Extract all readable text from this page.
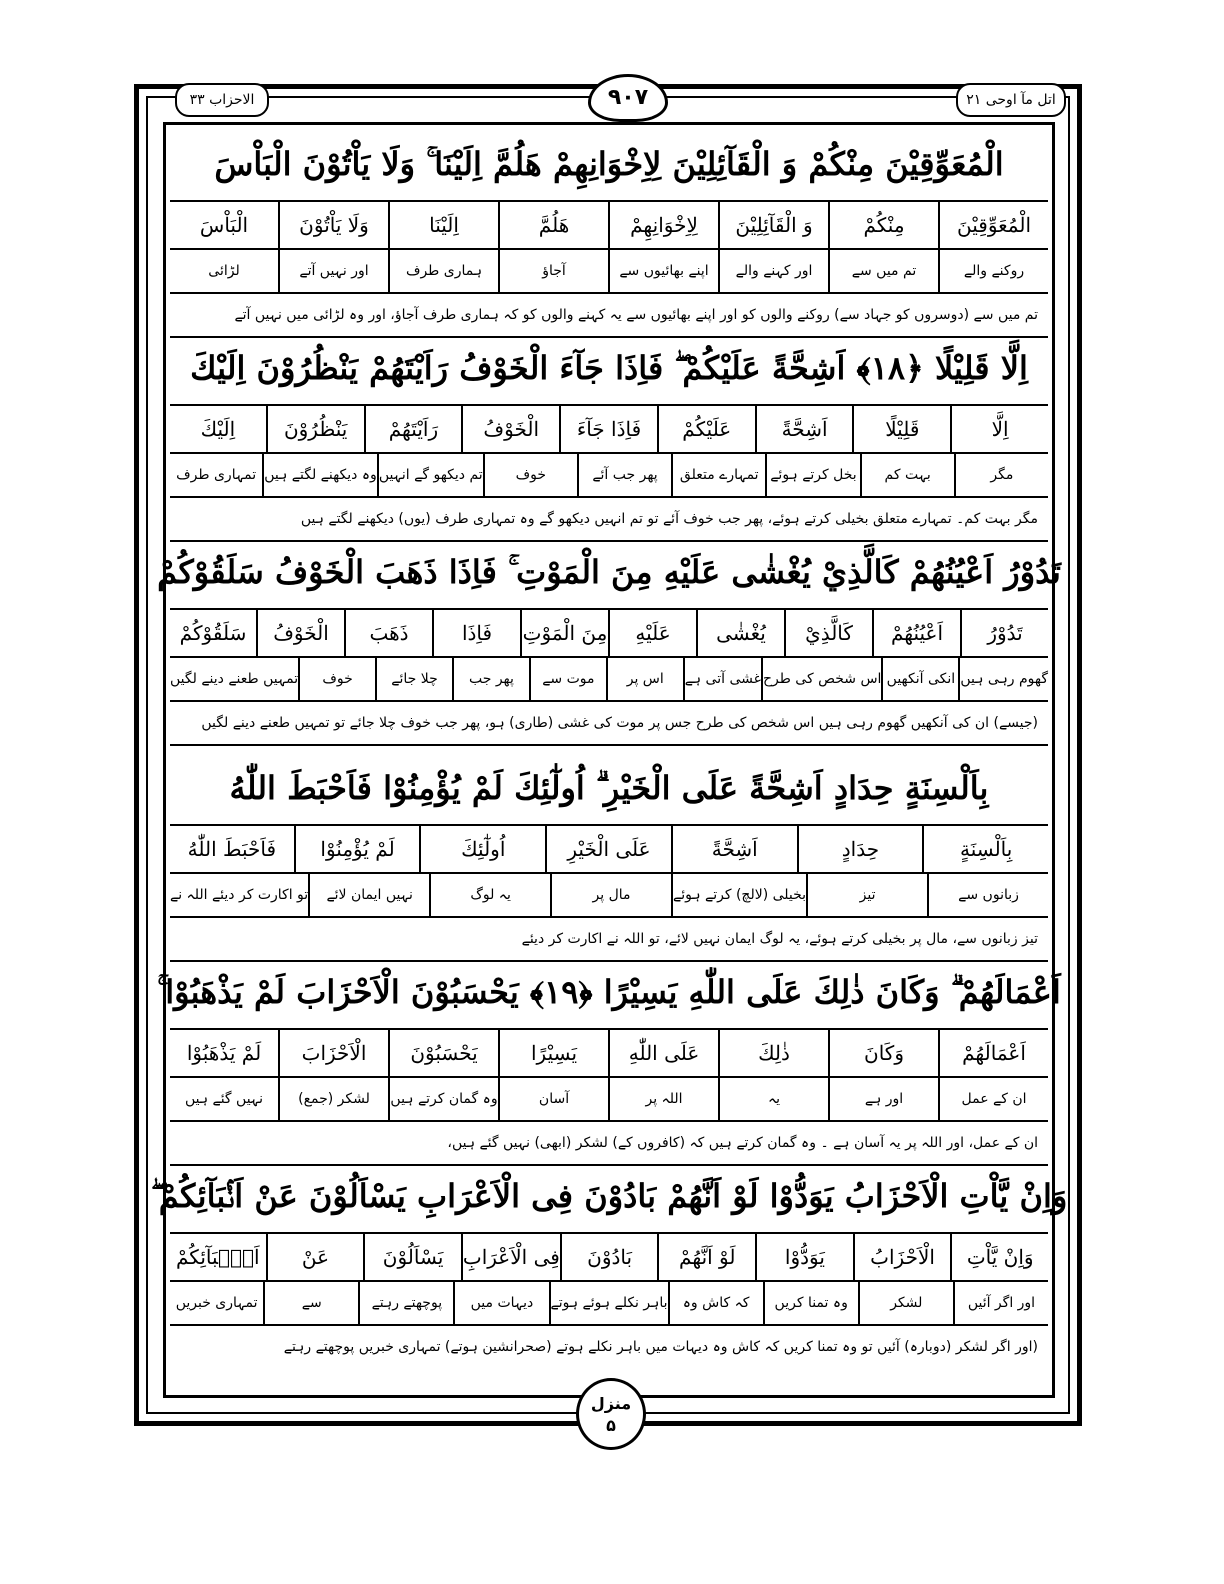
اتل مآ اوحی ۲۱
الاحزاب ۳۳	۹۰۷
الْمُعَوِّقِيْنَ مِنْكُمْ وَ الْقَآئِلِيْنَ لِاِخْوَانِهِمْ هَلُمَّ اِلَيْنَا ۚ وَلَا يَاْتُوْنَ الْبَاْسَ
الْمُعَوِّقِيْنَ
مِنْكُمْ
وَ الْقَآئِلِيْنَ
لِاِخْوَانِهِمْ
هَلُمَّ
اِلَيْنَا
وَلَا يَاْتُوْنَ
الْبَاْسَ
روکنے والے
تم میں سے
اور کہنے والے
اپنے بھائیوں سے
آجاؤ
ہماری طرف
اور نہیں آتے
لڑائی
تم میں سے (دوسروں کو جہاد سے) روکنے والوں کو اور اپنے بھائیوں سے یہ کہنے والوں کو کہ ہماری طرف آجاؤ، اور وہ لڑائی میں نہیں آتے
اِلَّا قَلِيْلًا ﴿۱۸﴾ اَشِحَّةً عَلَيْكُمْ ۖ فَاِذَا جَآءَ الْخَوْفُ رَاَيْتَهُمْ يَنْظُرُوْنَ اِلَيْكَ
اِلَّا
قَلِيْلًا
اَشِحَّةً
عَلَيْكُمْ
فَاِذَا جَآءَ
الْخَوْفُ
رَاَيْتَهُمْ
يَنْظُرُوْنَ
اِلَيْكَ
مگر
بہت کم
بخل کرتے ہوئے
تمہارے متعلق
پھر جب آئے
خوف
تم دیکھو گے انہیں
وہ دیکھنے لگتے ہیں
تمہاری طرف
مگر بہت کم۔ تمہارے متعلق بخیلی کرتے ہوئے، پھر جب خوف آئے تو تم انہیں دیکھو گے وہ تمہاری طرف (یوں) دیکھنے لگتے ہیں
تَدُوْرُ اَعْيُنُهُمْ كَالَّذِيْ يُغْشٰى عَلَيْهِ مِنَ الْمَوْتِ ۚ فَاِذَا ذَهَبَ الْخَوْفُ سَلَقُوْكُمْ
تَدُوْرُ
اَعْيُنُهُمْ
كَالَّذِيْ
يُغْشٰى
عَلَيْهِ
مِنَ الْمَوْتِ
فَاِذَا
ذَهَبَ
الْخَوْفُ
سَلَقُوْكُمْ
گھوم رہی ہیں
انکی آنکھیں
اس شخص کی طرح
غشی آتی ہے
اس پر
موت سے
پھر جب
چلا جائے
خوف
تمہیں طعنے دینے لگیں
(جیسے) ان کی آنکھیں گھوم رہی ہیں اس شخص کی طرح جس پر موت کی غشی (طاری) ہو، پھر جب خوف چلا جائے تو تمہیں طعنے دینے لگیں
بِاَلْسِنَةٍ حِدَادٍ اَشِحَّةً عَلَى الْخَيْرِ ۗ اُولٰٓئِكَ لَمْ يُؤْمِنُوْا فَاَحْبَطَ اللّٰهُ
بِاَلْسِنَةٍ
حِدَادٍ
اَشِحَّةً
عَلَى الْخَيْرِ
اُولٰٓئِكَ
لَمْ يُؤْمِنُوْا
فَاَحْبَطَ اللّٰهُ
زبانوں سے
تیز
بخیلی (لالچ) کرتے ہوئے
مال پر
یہ لوگ
نہیں ایمان لائے
تو اکارت کر دیئے اللہ نے
تیز زبانوں سے، مال پر بخیلی کرتے ہوئے، یہ لوگ ایمان نہیں لائے، تو اللہ نے اکارت کر دیئے
اَعْمَالَهُمْ ۗ وَكَانَ ذٰلِكَ عَلَى اللّٰهِ يَسِيْرًا ﴿۱۹﴾ يَحْسَبُوْنَ الْاَحْزَابَ لَمْ يَذْهَبُوْا ۚ
اَعْمَالَهُمْ
وَكَانَ
ذٰلِكَ
عَلَى اللّٰهِ
يَسِيْرًا
يَحْسَبُوْنَ
الْاَحْزَابَ
لَمْ يَذْهَبُوْا
ان کے عمل
اور ہے
یہ
اللہ پر
آسان
وہ گمان کرتے ہیں
لشکر (جمع)
نہیں گئے ہیں
ان کے عمل، اور اللہ پر یہ آسان ہے ۔ وہ گمان کرتے ہیں کہ (کافروں کے) لشکر (ابھی) نہیں گئے ہیں،
وَاِنْ يَّاْتِ الْاَحْزَابُ يَوَدُّوْا لَوْ اَنَّهُمْ بَادُوْنَ فِى الْاَعْرَابِ يَسْاَلُوْنَ عَنْ اَنْۢبَآئِكُمْ ۖ
وَاِنْ يَّاْتِ
الْاَحْزَابُ
يَوَدُّوْا
لَوْ اَنَّهُمْ
بَادُوْنَ
فِى الْاَعْرَابِ
يَسْاَلُوْنَ
عَنْ
اَنْۢبَآئِكُمْ
اور اگر آئیں
لشکر
وہ تمنا کریں
کہ کاش وہ
باہر نکلے ہوئے ہوتے
دیہات میں
پوچھتے رہتے
سے
تمہاری خبریں
(اور اگر لشکر (دوبارہ) آئیں تو وہ تمنا کریں کہ کاش وہ دیہات میں باہر نکلے ہوتے (صحرانشین ہوتے) تمہاری خبریں پوچھتے رہتے
منزل
۵
